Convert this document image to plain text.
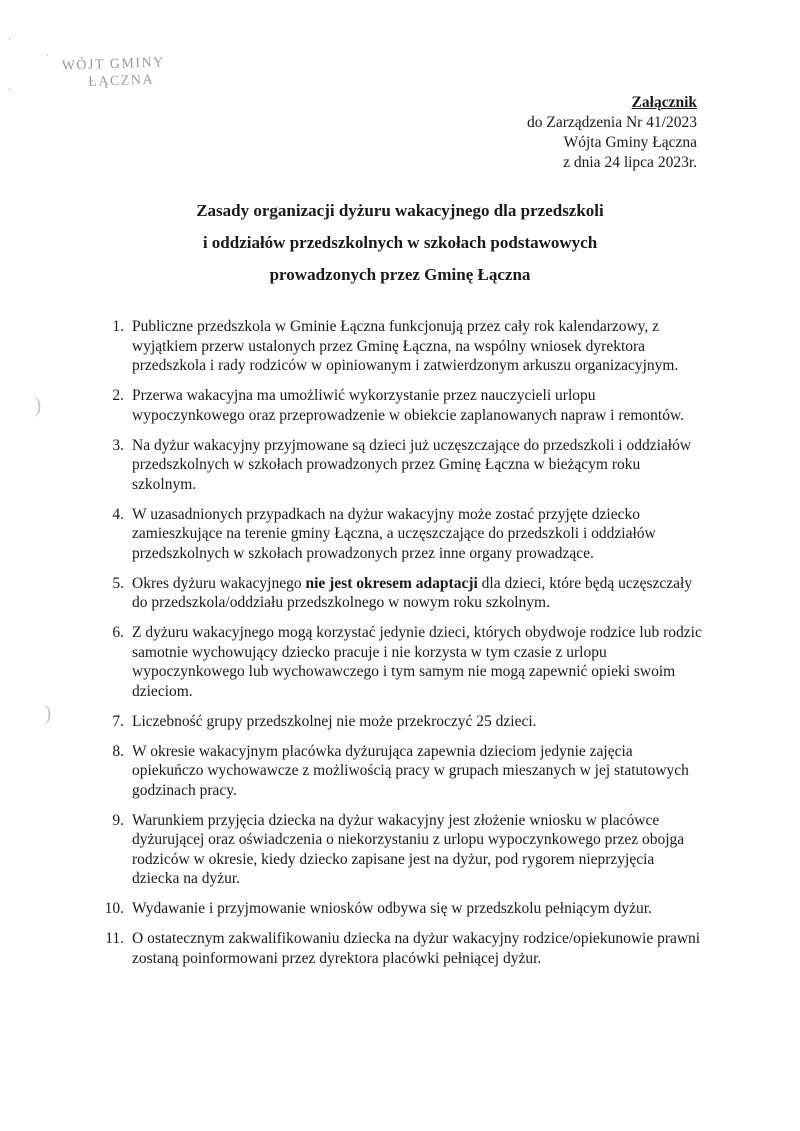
·
·
·
WÓJT GMINY
ŁĄCZNA
)
)
Załącznik
do Zarządzenia Nr 41/2023
Wójta Gminy Łączna
z dnia 24 lipca 2023r.
Zasady organizacji dyżuru wakacyjnego dla przedszkoli
i oddziałów przedszkolnych w szkołach podstawowych
prowadzonych przez Gminę Łączna
1. Publiczne przedszkola w Gminie Łączna funkcjonują przez cały rok kalendarzowy, z wyjątkiem przerw ustalonych przez Gminę Łączna, na wspólny wniosek dyrektora przedszkola i rady rodziców w opiniowanym i zatwierdzonym arkuszu organizacyjnym.
2. Przerwa wakacyjna ma umożliwić wykorzystanie przez nauczycieli urlopu wypoczynkowego oraz przeprowadzenie w obiekcie zaplanowanych napraw i remontów.
3. Na dyżur wakacyjny przyjmowane są dzieci już uczęszczające do przedszkoli i oddziałów przedszkolnych w szkołach prowadzonych przez Gminę Łączna w bieżącym roku szkolnym.
4. W uzasadnionych przypadkach na dyżur wakacyjny może zostać przyjęte dziecko zamieszkujące na terenie gminy Łączna, a uczęszczające do przedszkoli i oddziałów przedszkolnych w szkołach prowadzonych przez inne organy prowadzące.
5. Okres dyżuru wakacyjnego nie jest okresem adaptacji dla dzieci, które będą uczęszczały do przedszkola/oddziału przedszkolnego w nowym roku szkolnym.
6. Z dyżuru wakacyjnego mogą korzystać jedynie dzieci, których obydwoje rodzice lub rodzic samotnie wychowujący dziecko pracuje i nie korzysta w tym czasie z urlopu wypoczynkowego lub wychowawczego i tym samym nie mogą zapewnić opieki swoim dzieciom.
7. Liczebność grupy przedszkolnej nie może przekroczyć 25 dzieci.
8. W okresie wakacyjnym placówka dyżurująca zapewnia dzieciom jedynie zajęcia opiekuńczo wychowawcze z możliwością pracy w grupach mieszanych w jej statutowych godzinach pracy.
9. Warunkiem przyjęcia dziecka na dyżur wakacyjny jest złożenie wniosku w placówce dyżurującej oraz oświadczenia o niekorzystaniu z urlopu wypoczynkowego przez obojga rodziców w okresie, kiedy dziecko zapisane jest na dyżur, pod rygorem nieprzyjęcia dziecka na dyżur.
10. Wydawanie i przyjmowanie wniosków odbywa się w przedszkolu pełniącym dyżur.
11. O ostatecznym zakwalifikowaniu dziecka na dyżur wakacyjny rodzice/opiekunowie prawni zostaną poinformowani przez dyrektora placówki pełniącej dyżur.
